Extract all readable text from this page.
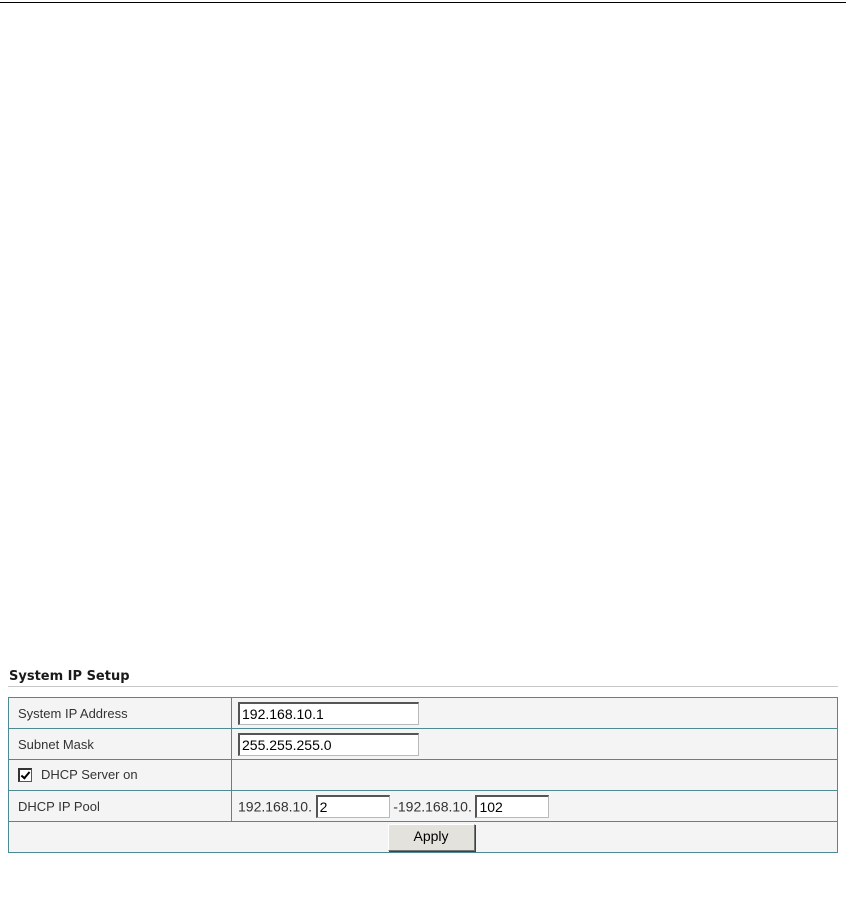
System IP Setup
System IP Address	192.168.10.1
Subnet Mask	255.255.255.0

DHCP Server on	
DHCP IP Pool	192.168.10. 2 -192.168.10. 102
Apply	
